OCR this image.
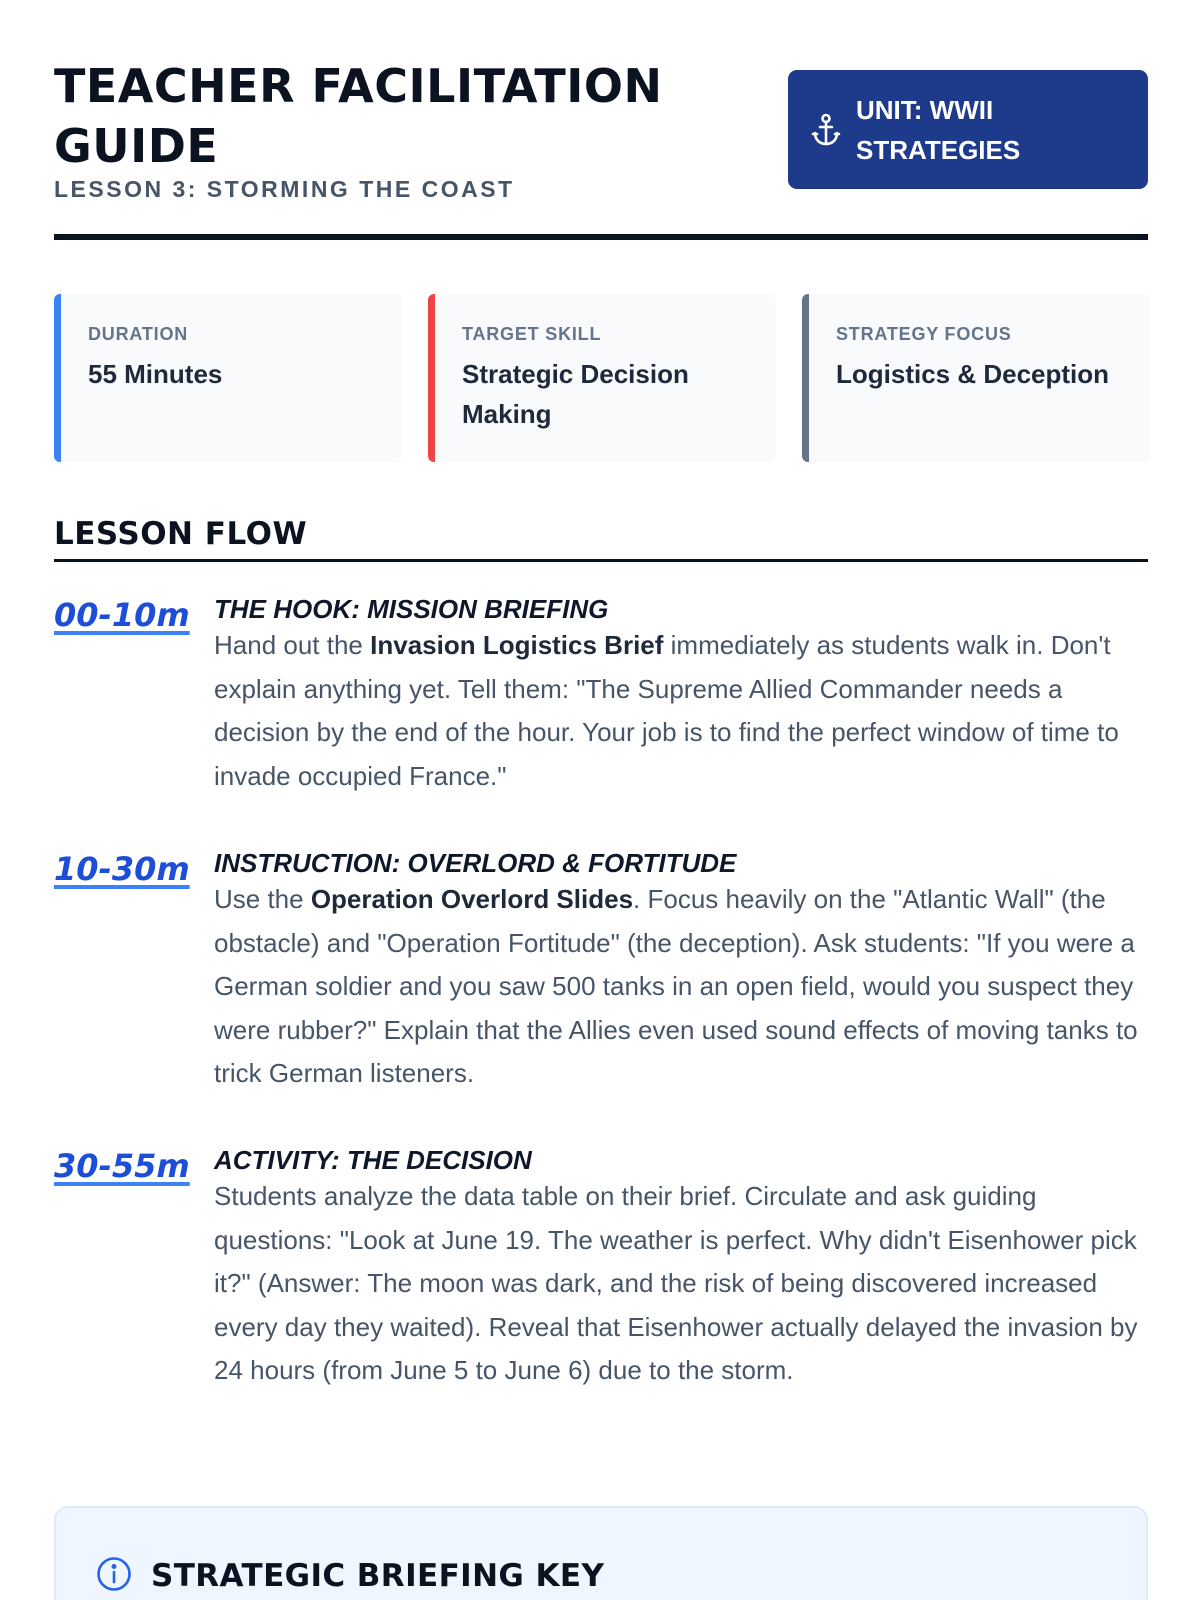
TEACHER FACILITATION GUIDE
LESSON 3: STORMING THE COAST
UNIT: WWII STRATEGIES
DURATION
55 Minutes
TARGET SKILL
Strategic Decision Making
STRATEGY FOCUS
Logistics & Deception
LESSON FLOW
00-10m THE HOOK: MISSION BRIEFING

Hand out the Invasion Logistics Brief immediately as students walk in. Don't explain anything yet. Tell them: "The Supreme Allied Commander needs a decision by the end of the hour. Your job is to find the perfect window of time to invade occupied France."

10-30m INSTRUCTION: OVERLORD & FORTITUDE

Use the Operation Overlord Slides. Focus heavily on the "Atlantic Wall" (the obstacle) and "Operation Fortitude" (the deception). Ask students: "If you were a German soldier and you saw 500 tanks in an open field, would you suspect they were rubber?" Explain that the Allies even used sound effects of moving tanks to trick German listeners.

30-55m ACTIVITY: THE DECISION

Students analyze the data table on their brief. Circulate and ask guiding questions: "Look at June 19. The weather is perfect. Why didn't Eisenhower pick it?" (Answer: The moon was dark, and the risk of being discovered increased every day they waited). Reveal that Eisenhower actually delayed the invasion by 24 hours (from June 5 to June 6) due to the storm.

STRATEGIC BRIEFING KEY
